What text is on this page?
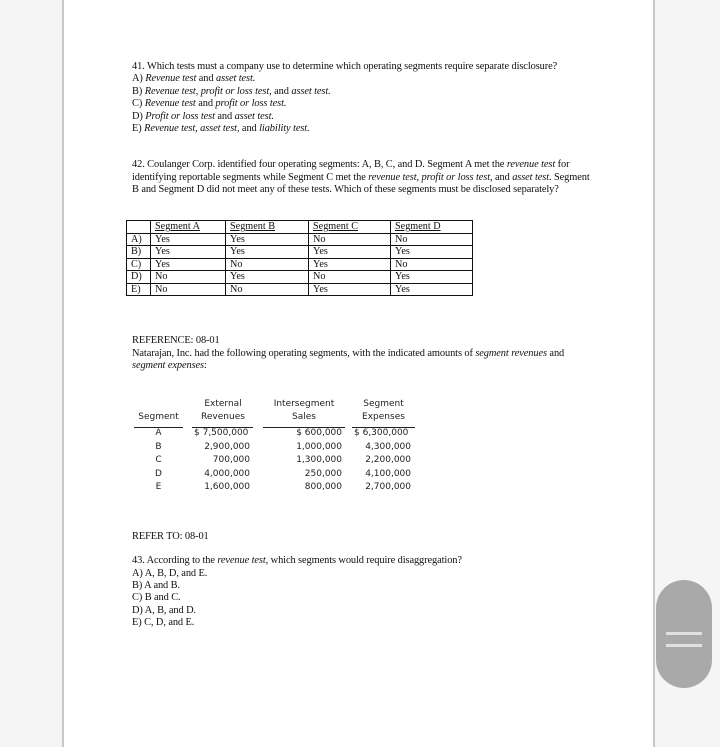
41. Which tests must a company use to determine which operating segments require separate disclosure?
A) Revenue test and asset test.
B) Revenue test, profit or loss test, and asset test.
C) Revenue test and profit or loss test.
D) Profit or loss test and asset test.
E) Revenue test, asset test, and liability test.
42. Coulanger Corp. identified four operating segments: A, B, C, and D. Segment A met the revenue test for identifying reportable segments while Segment C met the revenue test, profit or loss test, and asset test. Segment B and Segment D did not meet any of these tests. Which of these segments must be disclosed separately?
	Segment A	Segment B	Segment C	Segment D
A)	Yes	Yes	No	No
B)	Yes	Yes	Yes	Yes
C)	Yes	No	Yes	No
D)	No	Yes	No	Yes
E)	No	No	Yes	Yes
REFERENCE: 08-01
Natarajan, Inc. had the following operating segments, with the indicated amounts of segment revenues and segment expenses:
External	Intersegment	Segment
Segment	Revenues	Sales	Expenses
A	$ 7,500,000	$ 600,000 $ 6,300,000
B	2,900,000	1,000,000	4,300,000
C	700,000	1,300,000	2,200,000
D	4,000,000	250,000	4,100,000
E	1,600,000	800,000	2,700,000
REFER TO: 08-01
43. According to the revenue test, which segments would require disaggregation?
A) A, B, D, and E.
B) A and B.
C) B and C.
D) A, B, and D.
E) C, D, and E.
